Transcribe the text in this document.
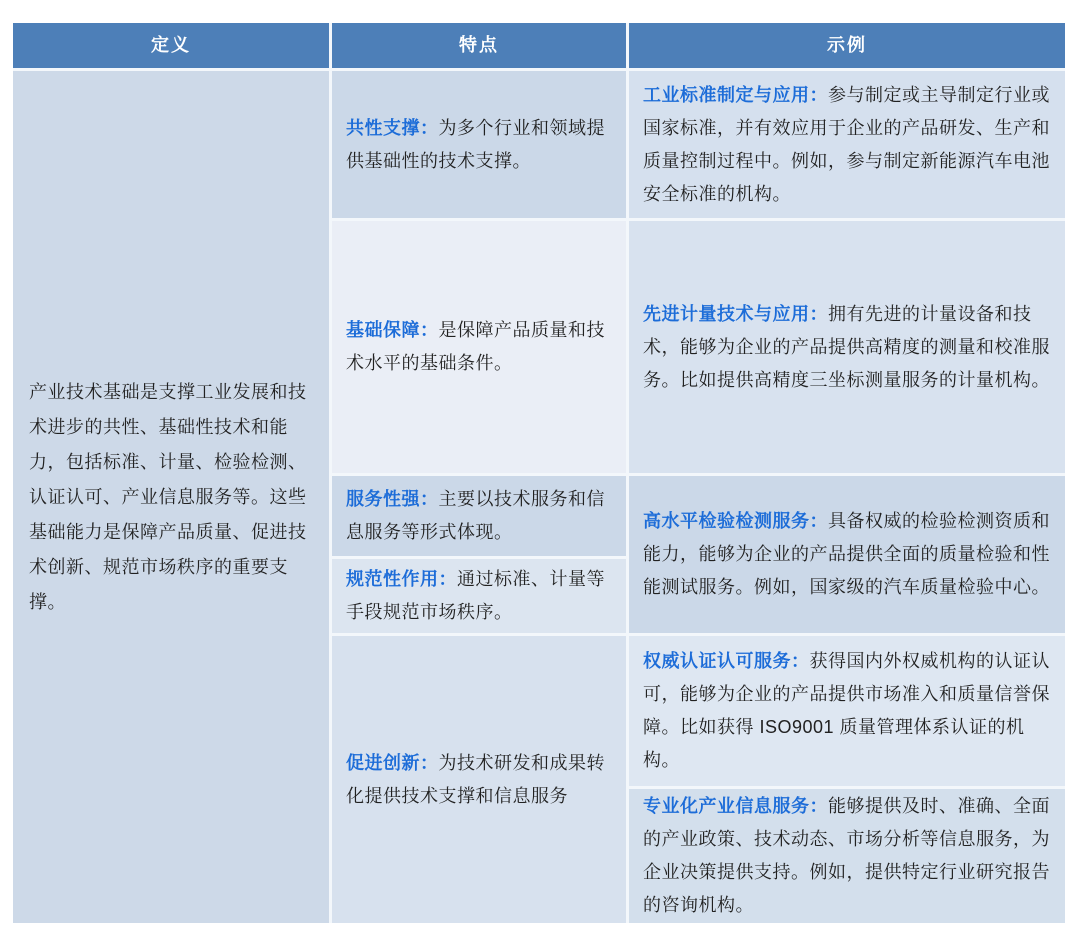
定义	特点	示例

产业技术基础是支撑工业发展和技术进步的共性、基础性技术和能力，包括标准、计量、检验检测、认证认可、产业信息服务等。这些基础能力是保障产品质量、促进技术创新、规范市场秩序的重要支撑。

共性支撑：为多个行业和领域提供基础性的技术支撑。

工业标准制定与应用：参与制定或主导制定行业或国家标准，并有效应用于企业的产品研发、生产和质量控制过程中。例如，参与制定新能源汽车电池安全标准的机构。

基础保障：是保障产品质量和技术水平的基础条件。

先进计量技术与应用：拥有先进的计量设备和技术，能够为企业的产品提供高精度的测量和校准服务。比如提供高精度三坐标测量服务的计量机构。

服务性强：主要以技术服务和信息服务等形式体现。

规范性作用：通过标准、计量等手段规范市场秩序。

高水平检验检测服务：具备权威的检验检测资质和能力，能够为企业的产品提供全面的质量检验和性能测试服务。例如，国家级的汽车质量检验中心。

促进创新：为技术研发和成果转化提供技术支撑和信息服务

权威认证认可服务：获得国内外权威机构的认证认可，能够为企业的产品提供市场准入和质量信誉保障。比如获得 ISO9001 质量管理体系认证的机构。

专业化产业信息服务：能够提供及时、准确、全面的产业政策、技术动态、市场分析等信息服务，为企业决策提供支持。例如，提供特定行业研究报告的咨询机构。
